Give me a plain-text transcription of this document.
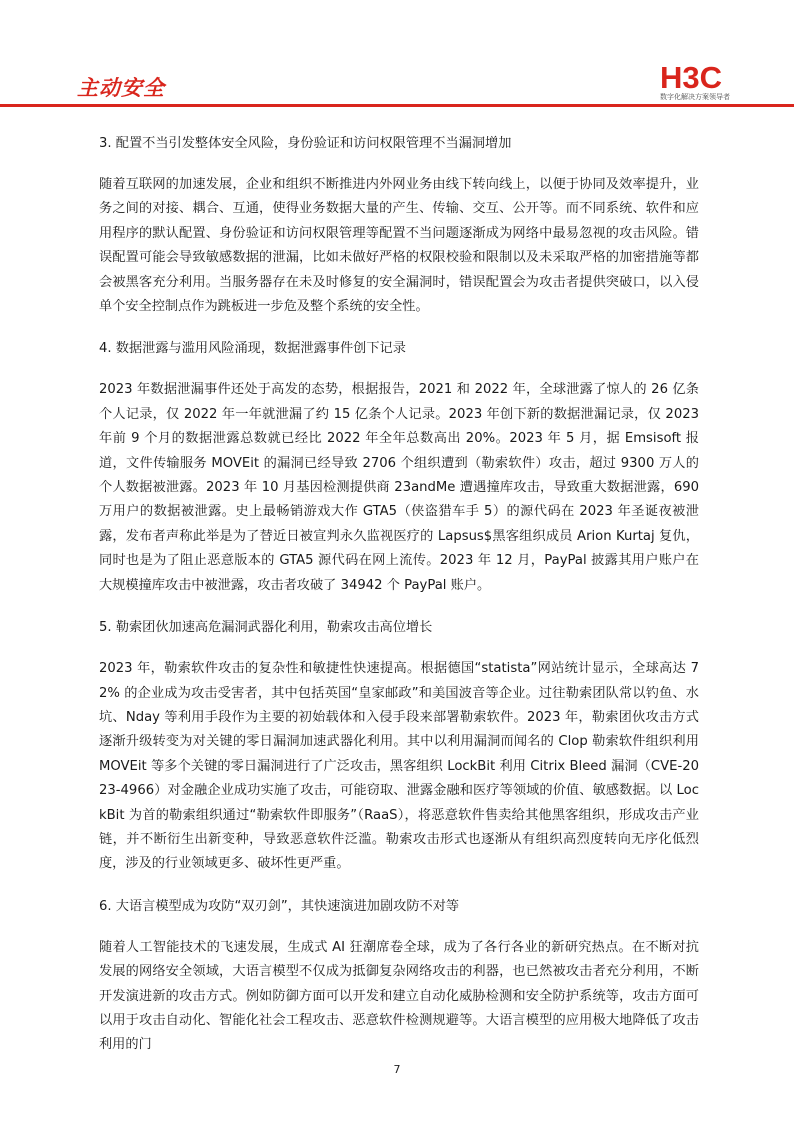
主动安全	H3C
数字化解决方案领导者
3. 配置不当引发整体安全风险，身份验证和访问权限管理不当漏洞增加
随着互联网的加速发展，企业和组织不断推进内外网业务由线下转向线上，以便于协同及效率提升，业务之间的对接、耦合、互通，使得业务数据大量的产生、传输、交互、公开等。而不同系统、软件和应用程序的默认配置、身份验证和访问权限管理等配置不当问题逐渐成为网络中最易忽视的攻击风险。错误配置可能会导致敏感数据的泄漏，比如未做好严格的权限校验和限制以及未采取严格的加密措施等都会被黑客充分利用。当服务器存在未及时修复的安全漏洞时，错误配置会为攻击者提供突破口，以入侵单个安全控制点作为跳板进一步危及整个系统的安全性。
4. 数据泄露与滥用风险涌现，数据泄露事件创下记录
2023 年数据泄漏事件还处于高发的态势，根据报告，2021 和 2022 年，全球泄露了惊人的 26 亿条个人记录，仅 2022 年一年就泄漏了约 15 亿条个人记录。2023 年创下新的数据泄漏记录，仅 2023 年前 9 个月的数据泄露总数就已经比 2022 年全年总数高出 20%。2023 年 5 月，据 Emsisoft 报道，文件传输服务 MOVEit 的漏洞已经导致 2706 个组织遭到（勒索软件）攻击，超过 9300 万人的个人数据被泄露。2023 年 10 月基因检测提供商 23andMe 遭遇撞库攻击，导致重大数据泄露，690 万用户的数据被泄露。史上最畅销游戏大作 GTA5（侠盗猎车手 5）的源代码在 2023 年圣诞夜被泄露，发布者声称此举是为了替近日被宣判永久监视医疗的 Lapsus$黑客组织成员 Arion Kurtaj 复仇，同时也是为了阻止恶意版本的 GTA5 源代码在网上流传。2023 年 12 月，PayPal 披露其用户账户在大规模撞库攻击中被泄露，攻击者攻破了 34942 个 PayPal 账户。
5. 勒索团伙加速高危漏洞武器化利用，勒索攻击高位增长
2023 年，勒索软件攻击的复杂性和敏捷性快速提高。根据德国“statista”网站统计显示，全球高达 72% 的企业成为攻击受害者，其中包括英国“皇家邮政”和美国波音等企业。过往勒索团队常以钓鱼、水坑、Nday 等利用手段作为主要的初始载体和入侵手段来部署勒索软件。2023 年，勒索团伙攻击方式逐渐升级转变为对关键的零日漏洞加速武器化利用。其中以利用漏洞而闻名的 Clop 勒索软件组织利用 MOVEit 等多个关键的零日漏洞进行了广泛攻击，黑客组织 LockBit 利用 Citrix Bleed 漏洞（CVE-2023-4966）对金融企业成功实施了攻击，可能窃取、泄露金融和医疗等领域的价值、敏感数据。以 LockBit 为首的勒索组织通过“勒索软件即服务”（RaaS），将恶意软件售卖给其他黑客组织，形成攻击产业链，并不断衍生出新变种，导致恶意软件泛滥。勒索攻击形式也逐渐从有组织高烈度转向无序化低烈度，涉及的行业领域更多、破坏性更严重。
6. 大语言模型成为攻防“双刃剑”，其快速演进加剧攻防不对等
随着人工智能技术的飞速发展，生成式 AI 狂潮席卷全球，成为了各行各业的新研究热点。在不断对抗发展的网络安全领域，大语言模型不仅成为抵御复杂网络攻击的利器，也已然被攻击者充分利用，不断开发演进新的攻击方式。例如防御方面可以开发和建立自动化威胁检测和安全防护系统等，攻击方面可以用于攻击自动化、智能化社会工程攻击、恶意软件检测规避等。大语言模型的应用极大地降低了攻击利用的门
7
